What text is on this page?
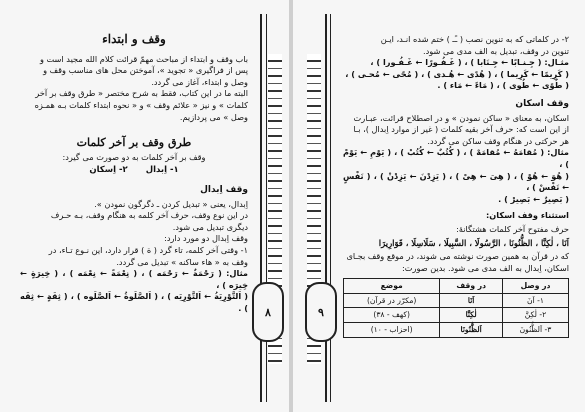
۸
وقف و ابتداء

باب وقف و ابتداء از مباحث مهمّ قرائت کلام الله مجید است و

پس از فراگیری « تجوید »، آموختن محل های مناسب وقف و

وصل و ابتداء، آغاز می گردد.

البته ما در این کتاب، فقط به شرح مختصر « طرق وقف بر آخر

کلمات » و نیز « علائم وقف » و « نحوه ابتداء کلمات بـه همـزه

وصل » می پردازیم.

طرق وقف بر آخر کلمات

وقف بر آخر کلمات به دو صورت می گیرد:

۱- اِبدال
۲- اِسکان
وقف اِبدال

اِبدال، یعنی « تبدیل کردن ـ دگرگون نمودن ».

در این نوع وقف، حرف آخر کلمه به هنگام وقف، بـه حـرف

دیگری تبدیل می شود.

وقف اِبدال دو مورد دارد:

۱- وقتی آخر کلمه، تاء گرد ( ة ) قرار دارد، این نـوع تـاء، در

وقف به « هاء ساکنه » تبدیل می گردد.

مثال: ( رَحْمَةٌ ← رَحْمَه ) ، ( نِعْمَةً ← نِعْمَه ) ، ( خِیرَةٍ ← خِیرَه ) ،

( اَلتَّوْرِیَةُ ← اَلتَّوْرِیَه ) ، ( اَلصَّلَوةُ ← اَلصَّلَوه ) ، ( ثِقَةٍ ← ثِقَه ) .	۹

۲- در کلماتی که به تنوین نصب ( ـًـ ) ختم شده انـد، ایـن

تنوین در وقف، تبدیل به الف مدی می شود.

مثـال: ( جِـنـابًا ← جِـنَابا ) ، ( غَـفُـورًا ← غَـفُـورا ) ،

( کَرِیمًا ← کَرِیما ) ، ( هُدًی ← هُـدی ) ، ( مُحًی ← مُحـی ) ،

( طُوًی ← طُوی ) ، ( مَاءً ← مَاء ) .

وقف اسکان

اسکان، به معنای « ساکن نمودن » و در اصطلاح قرائت، عبـارت

از این است که: حرف آخر بقیه کلمات ( غیر از موارد اِبدال )، بـا

هر حرکتی در هنگام وقف ساکن می گردد.

مثال: ( مُقامَهُ ← مُقامَهْ ) ، ( کُتُبٌ ← کُتُبْ ) ، ( یَوْمِ ← یَوْمْ ) ،

( هُوَ ← هُوْ ) ، ( هِیَ ← هِیْ ) ، ( یَزِدْنَ ← یَزِدْنْ ) ، ( نَفْسٍ ← نَفْسْ ) ،

( بَصِیرٌ ← بَصِیرْ ) .

استثناء وقف اسکان:

حرف مفتوح آخر کلمات هشتگانهٔ:

اَنَا ، لٰکِنَّا ، الظُّنُونَا ، الرَّسُولَا ، السَّبِیلَا ، سَلَاسِلَا ، قَوَارِیرَا

که در قرآن به همین صورت نوشته می شوند، در موقع وقف بجـای

اسکان، اِبدال به الف مدی می شود. بدین صورت:

در وصل	در وقف	موضع
۱- اَنَ	اَنَا	(مکرّر در قرآن)
۲- لٰکِنَّ	لٰکِنَّا	(کهف - ۳۸)
۳- اَلظُّنُونَ	اَلظُّنُونَا	(احزاب - ۱۰)
